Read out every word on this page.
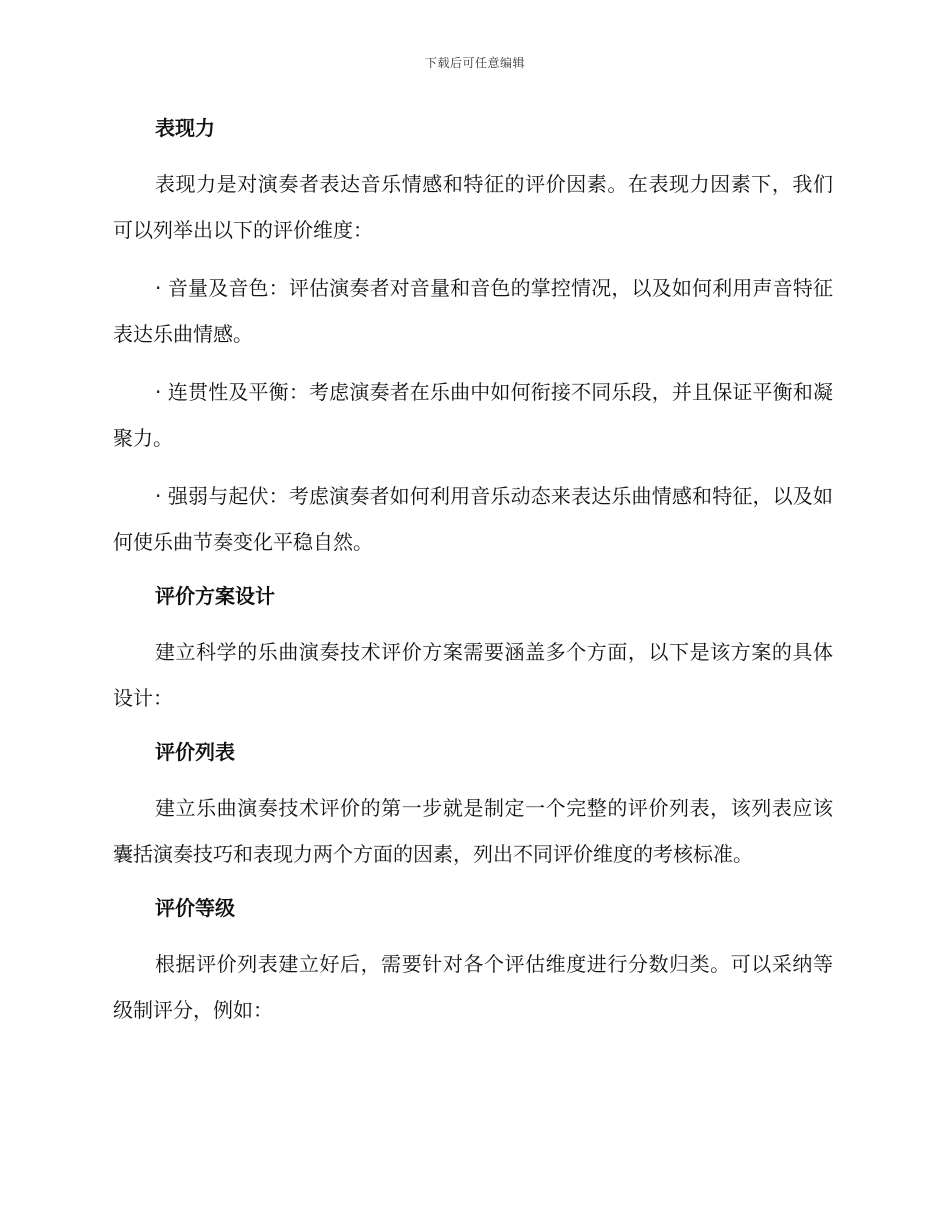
下载后可任意编辑
表现力
表现力是对演奏者表达音乐情感和特征的评价因素。在表现力因素下，我们可以列举出以下的评价维度：
· 音量及音色：评估演奏者对音量和音色的掌控情况，以及如何利用声音特征表达乐曲情感。
· 连贯性及平衡：考虑演奏者在乐曲中如何衔接不同乐段，并且保证平衡和凝聚力。
· 强弱与起伏：考虑演奏者如何利用音乐动态来表达乐曲情感和特征，以及如何使乐曲节奏变化平稳自然。
评价方案设计
建立科学的乐曲演奏技术评价方案需要涵盖多个方面，以下是该方案的具体设计：
评价列表
建立乐曲演奏技术评价的第一步就是制定一个完整的评价列表，该列表应该囊括演奏技巧和表现力两个方面的因素，列出不同评价维度的考核标准。
评价等级
根据评价列表建立好后，需要针对各个评估维度进行分数归类。可以采纳等级制评分，例如：
